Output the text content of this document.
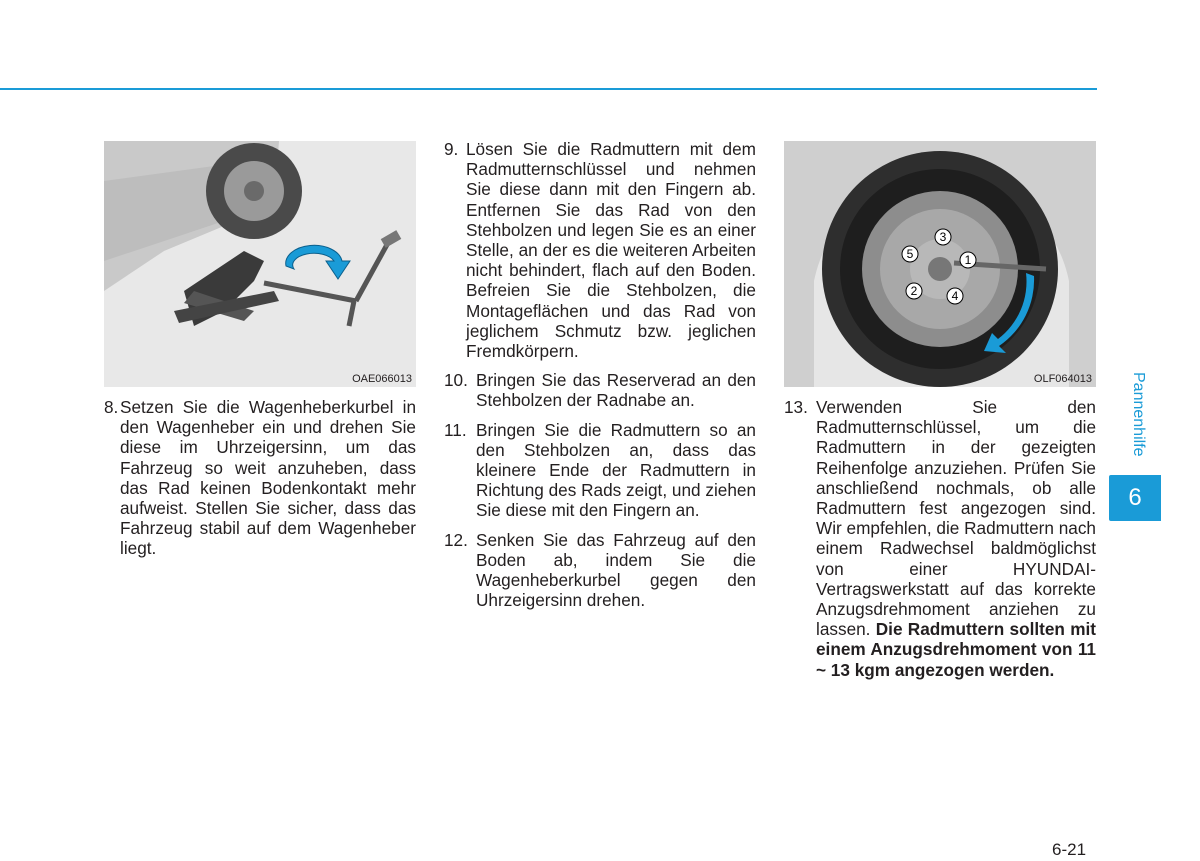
OAE066013
1
2
3
4
5
OLF064013
8. Setzen Sie die Wagenheberkurbel in den Wagenheber ein und drehen Sie diese im Uhrzeigersinn, um das Fahrzeug so weit anzuheben, dass das Rad keinen Bodenkontakt mehr aufweist. Stellen Sie sicher, dass das Fahrzeug stabil auf dem Wagenheber liegt.
9. Lösen Sie die Radmuttern mit dem Radmutternschlüssel und nehmen Sie diese dann mit den Fingern ab. Entfernen Sie das Rad von den Stehbolzen und legen Sie es an einer Stelle, an der es die weiteren Arbeiten nicht behindert, flach auf den Boden. Befreien Sie die Stehbolzen, die Montageflächen und das Rad von jeglichem Schmutz bzw. jeglichen Fremdkörpern.
10. Bringen Sie das Reserverad an den Stehbolzen der Radnabe an.
11. Bringen Sie die Radmuttern so an den Stehbolzen an, dass das kleinere Ende der Radmuttern in Richtung des Rads zeigt, und ziehen Sie diese mit den Fingern an.
12. Senken Sie das Fahrzeug auf den Boden ab, indem Sie die Wagenheberkurbel gegen den Uhrzeigersinn drehen.
13. Verwenden Sie den Radmutternschlüssel, um die Radmuttern in der gezeigten Reihenfolge anzuziehen. Prüfen Sie anschließend nochmals, ob alle Radmuttern fest angezogen sind. Wir empfehlen, die Radmuttern nach einem Radwechsel baldmöglichst von einer HYUNDAI-Vertragswerkstatt auf das korrekte Anzugsdrehmoment anziehen zu lassen. Die Radmuttern sollten mit einem Anzugsdrehmoment von 11 ~ 13 kgm angezogen werden.
Pannenhilfe
6
6-21
